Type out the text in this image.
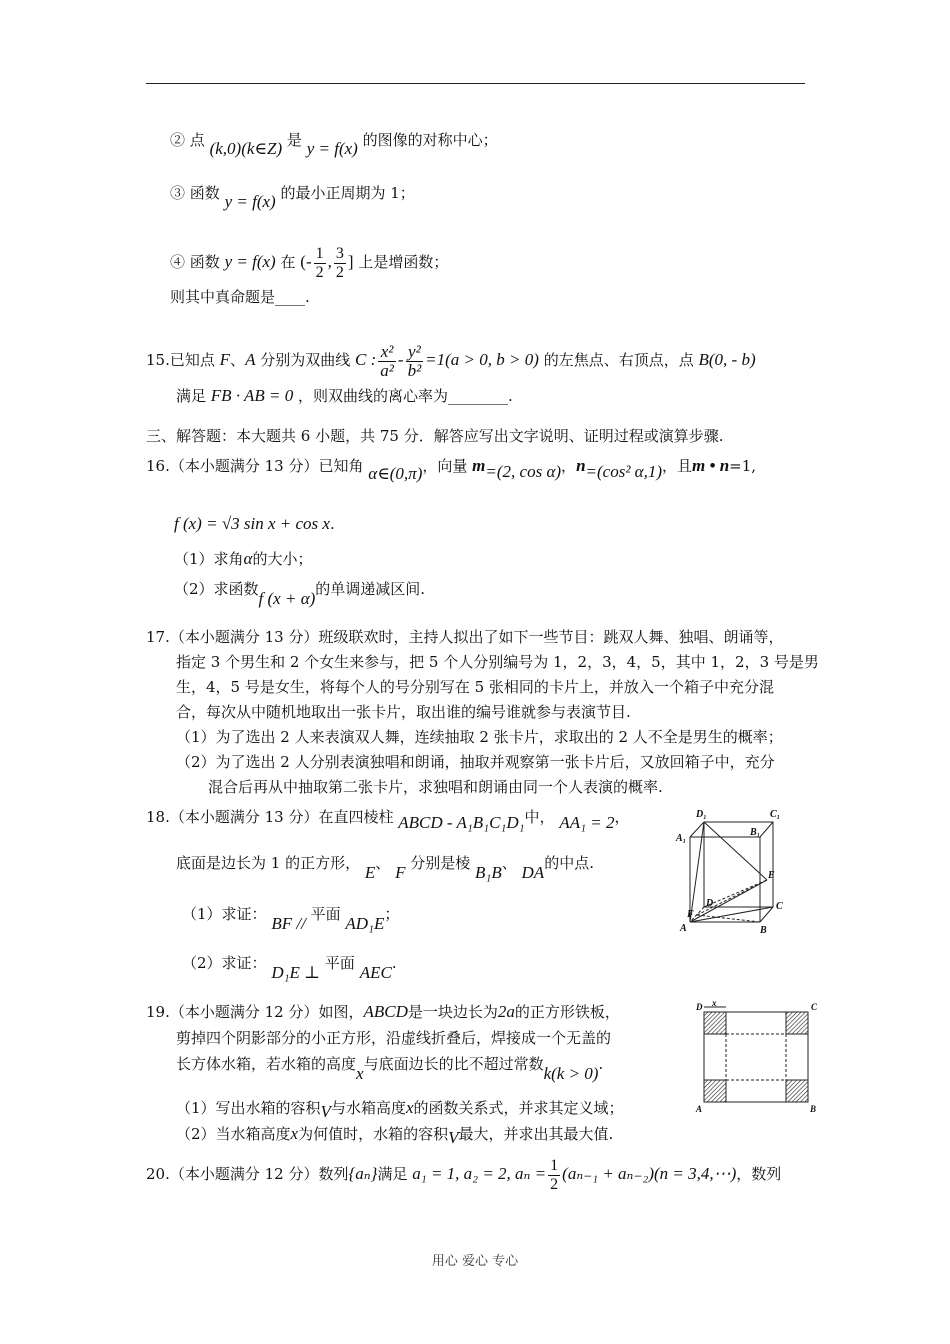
② 点 (k,0)(k∈Z) 是 y = f(x) 的图像的对称中心；
③ 函数 y = f(x) 的最小正周期为 1；
④ 函数 y = f(x) 在 (- $\frac{1}{2}$ , $\frac{3}{2}$ ] 上是增函数；
则其中真命题是____.
15.已知点 F、A 分别为双曲线 C : $\frac{\text{x²}}{\text{a²}} - \frac{\text{y²}}{\text{b²}} =1(a > 0$, b > 0) 的左焦点、右顶点，点 B(0, - b)
满足 FB · AB = 0 ，则双曲线的离心率为________.
三、解答题：本大题共 6 小题，共 75 分．解答应写出文字说明、证明过程或演算步骤.
16.（本小题满分 13 分）已知角 α∈(0,π)，向量 m=(2, cos α)，n=(cos² α,1)，且m • n=1,
f (x) = √3 sin x + cos x.
（1）求角α的大小；
（2）求函数f (x + α)的单调递减区间.
17.（本小题满分 13 分）班级联欢时，主持人拟出了如下一些节目：跳双人舞、独唱、朗诵等，
指定 3 个男生和 2 个女生来参与，把 5 个人分别编号为 1，2，3，4，5，其中 1，2，3 号是男
生，4，5 号是女生，将每个人的号分别写在 5 张相同的卡片上，并放入一个箱子中充分混
合，每次从中随机地取出一张卡片，取出谁的编号谁就参与表演节目.
（1）为了选出 2 人来表演双人舞，连续抽取 2 张卡片，求取出的 2 人不全是男生的概率；
（2）为了选出 2 人分别表演独唱和朗诵，抽取并观察第一张卡片后，又放回箱子中，充分
混合后再从中抽取第二张卡片，求独唱和朗诵由同一个人表演的概率.
18.（本小题满分 13 分）在直四棱柱 ABCD - A₁B₁C₁D₁中， AA₁ = 2，
底面是边长为 1 的正方形， E、 F 分别是棱 B₁B、 DA的中点.
（1）求证： BF // 平面 AD₁E；
（2）求证： D₁E ⊥ 平面 AEC.
D₁	C₁
A₁
B₁
E
D	C
F
A	B
19.（本小题满分 12 分）如图，ABCD是一块边长为2a的正方形铁板，
剪掉四个阴影部分的小正方形，沿虚线折叠后，焊接成一个无盖的
长方体水箱，若水箱的高度x与底面边长的比不超过常数k(k > 0).
（1）写出水箱的容积V与水箱高度x的函数关系式，并求其定义域；
（2）当水箱高度x为何值时，水箱的容积V最大，并求出其最大值.
D x	C
A	B
20.（本小题满分 12 分）数列{aₙ}满足 a₁ = 1, a₂ = 2, $a_n = \frac{1}{2} (a_{n-1} + a_{n-2})(n$ = 3,4,⋯)，数列
用心 爱心 专心
